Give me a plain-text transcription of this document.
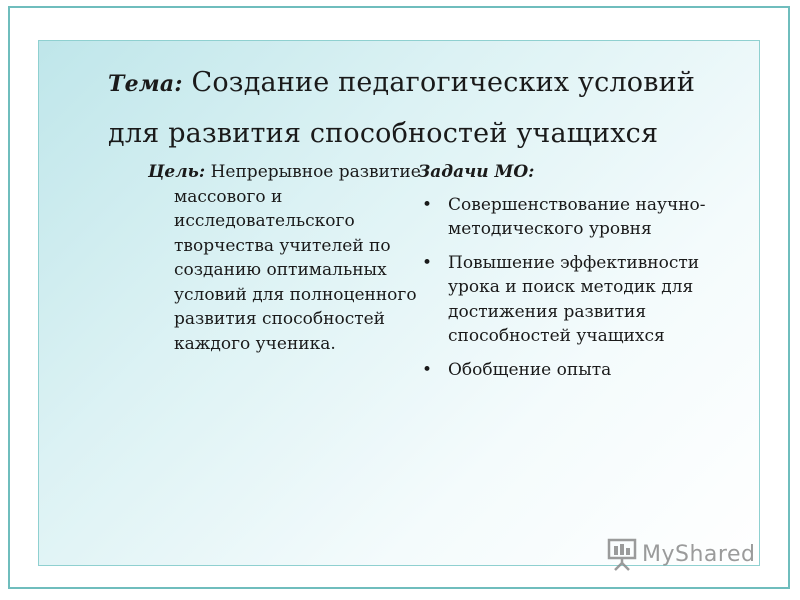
Тема: Создание педагогических условий для развития способностей учащихся
Цель: Непрерывное развитие массового и исследовательского творчества учителей по созданию оптимальных условий для полноценного развития способностей каждого ученика.
Задачи МО:
• Совершенствование научно-методического уровня
• Повышение эффективности урока и поиск методик для достижения развития способностей учащихся
• Обобщение опыта
MyShared
